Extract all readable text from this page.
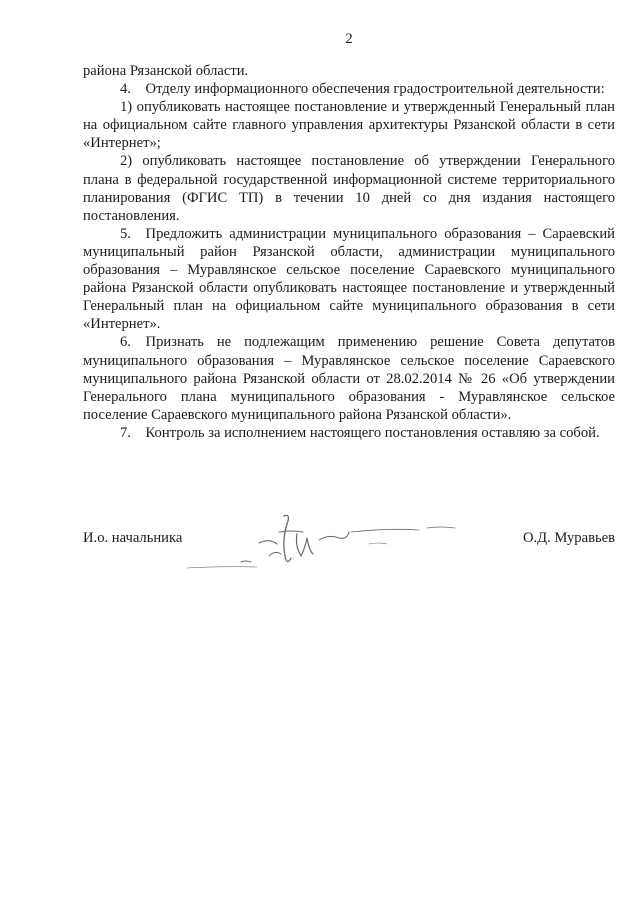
2
района Рязанской области.
4. Отделу информационного обеспечения градостроительной деятельности:
1) опубликовать настоящее постановление и утвержденный Генеральный план на официальном сайте главного управления архитектуры Рязанской области в сети «Интернет»;
2) опубликовать настоящее постановление об утверждении Генерального плана в федеральной государственной информационной системе территориального планирования (ФГИС ТП) в течении 10 дней со дня издания настоящего постановления.
5. Предложить администрации муниципального образования – Сараевский муниципальный район Рязанской области, администрации муниципального образования – Муравлянское сельское поселение Сараевского муниципального района Рязанской области опубликовать настоящее постановление и утвержденный Генеральный план на официальном сайте муниципального образования в сети «Интернет».
6. Признать не подлежащим применению решение Совета депутатов муниципального образования – Муравлянское сельское поселение Сараевского муниципального района Рязанской области от 28.02.2014 № 26 «Об утверждении Генерального плана муниципального образования - Муравлянское сельское поселение Сараевского муниципального района Рязанской области».
7. Контроль за исполнением настоящего постановления оставляю за собой.
И.о. начальника	О.Д. Муравьев
